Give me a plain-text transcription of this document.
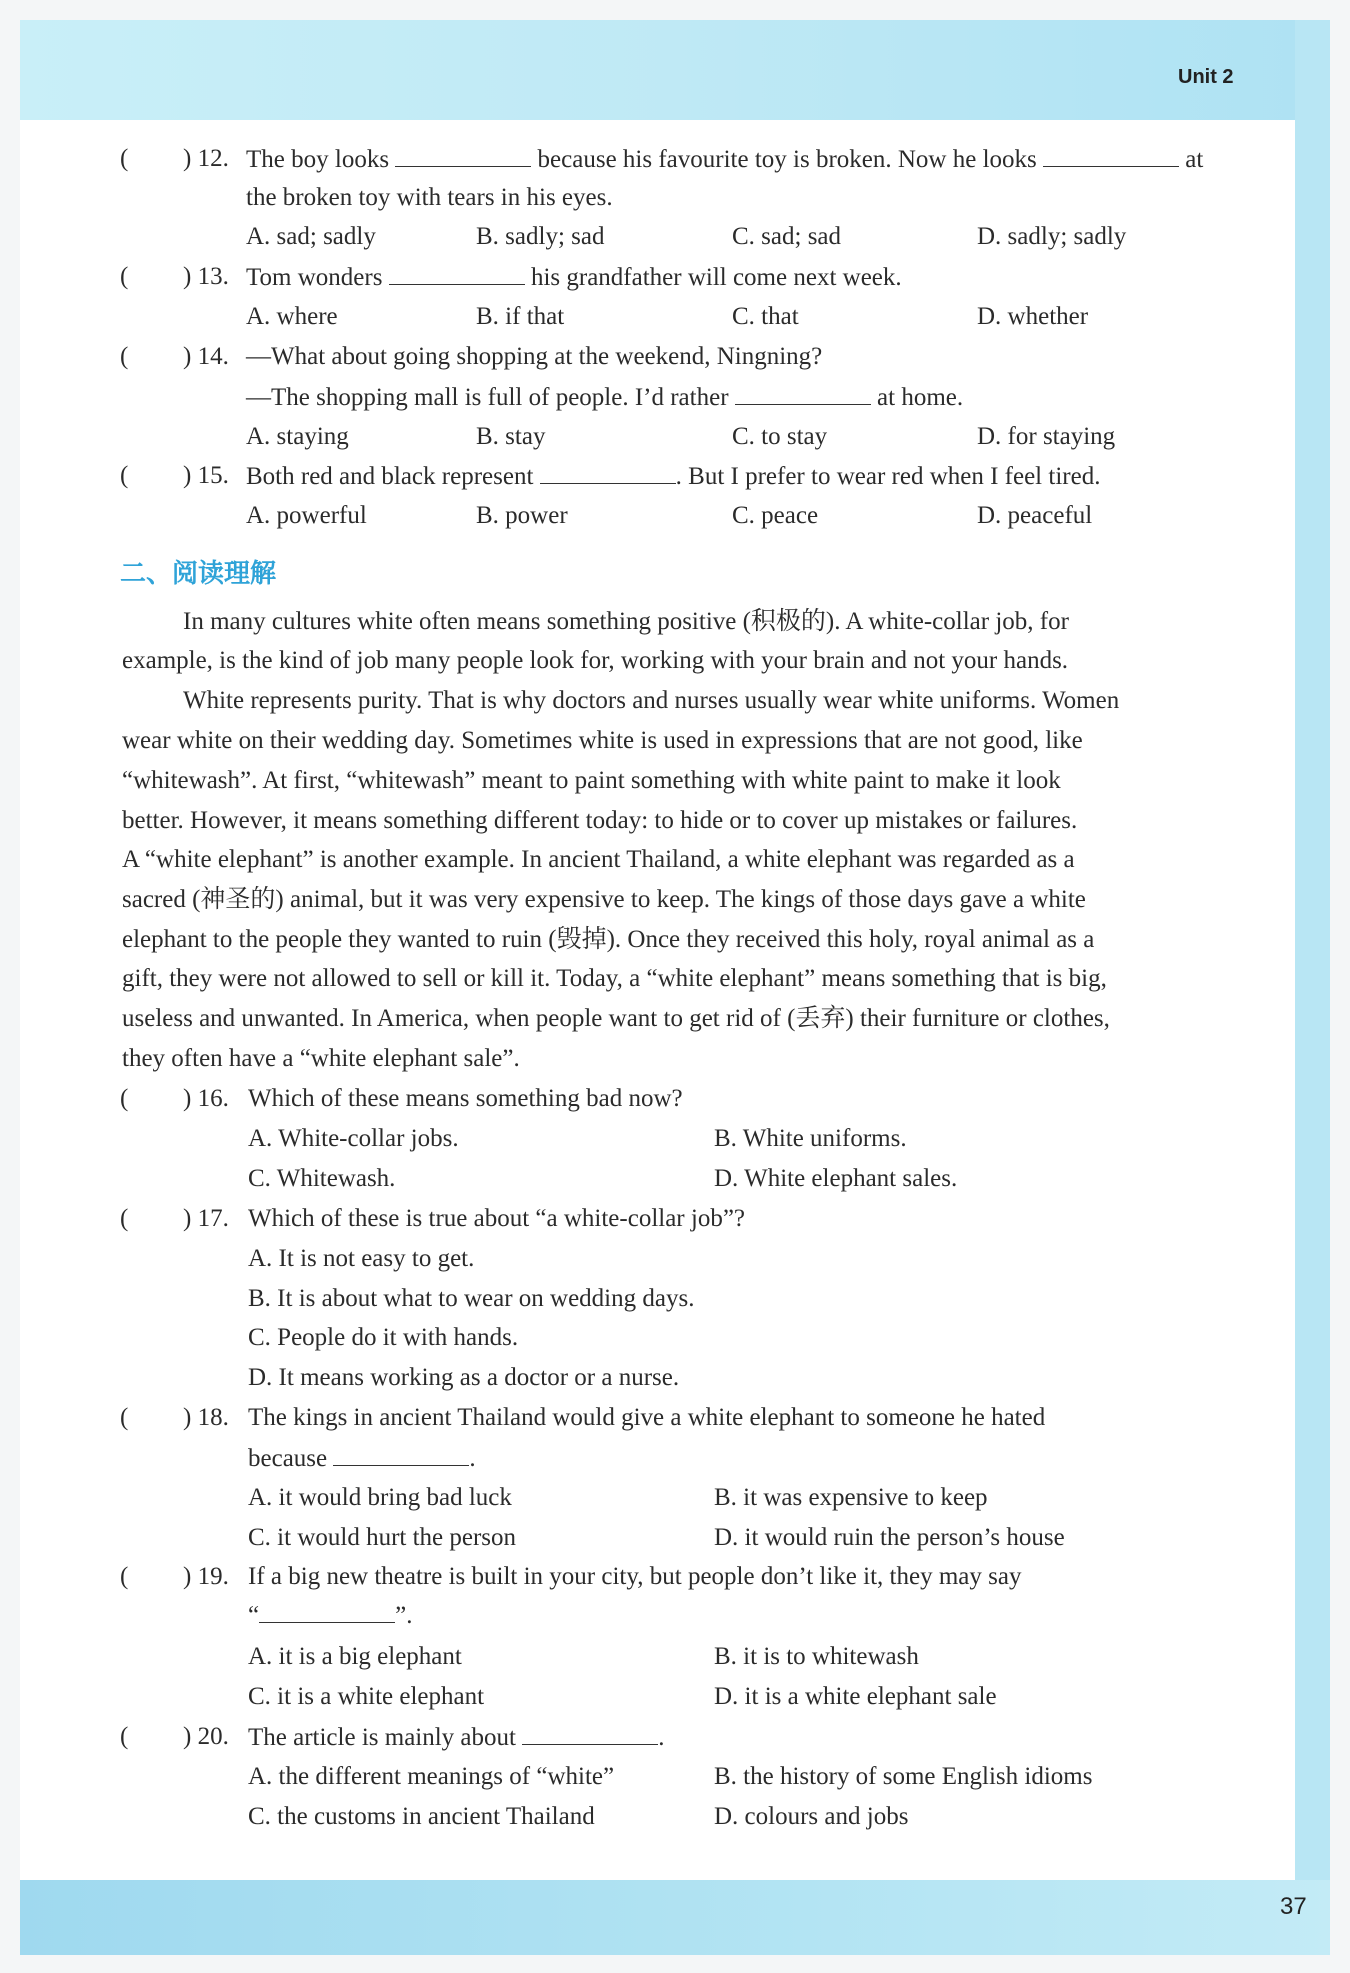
Unit 2
37
( ) 12. The boy looks	because his favourite toy is broken. Now he looks	at
the broken toy with tears in his eyes.
A. sad; sadly	B. sadly; sad	C. sad; sad	D. sadly; sadly
( ) 13. Tom wonders	his grandfather will come next week.
A. where	B. if that	C. that	D. whether
( ) 14. —What about going shopping at the weekend, Ningning?
—The shopping mall is full of people. I’d rather	at home.
A. staying	B. stay	C. to stay	D. for staying
( ) 15. Both red and black represent	. But I prefer to wear red when I feel tired.
A. powerful	B. power	C. peace	D. peaceful
二、阅读理解
In many cultures white often means something positive (积极的). A white-collar job, for
example, is the kind of job many people look for, working with your brain and not your hands.
White represents purity. That is why doctors and nurses usually wear white uniforms. Women
wear white on their wedding day. Sometimes white is used in expressions that are not good, like
“whitewash”. At first, “whitewash” meant to paint something with white paint to make it look
better. However, it means something different today: to hide or to cover up mistakes or failures.
A “white elephant” is another example. In ancient Thailand, a white elephant was regarded as a
sacred (神圣的) animal, but it was very expensive to keep. The kings of those days gave a white
elephant to the people they wanted to ruin (毁掉). Once they received this holy, royal animal as a
gift, they were not allowed to sell or kill it. Today, a “white elephant” means something that is big,
useless and unwanted. In America, when people want to get rid of (丢弃) their furniture or clothes,
they often have a “white elephant sale”.
( ) 16. Which of these means something bad now?
A. White-collar jobs.	B. White uniforms.
C. Whitewash.	D. White elephant sales.
( ) 17. Which of these is true about “a white-collar job”?
A. It is not easy to get.
B. It is about what to wear on wedding days.
C. People do it with hands.
D. It means working as a doctor or a nurse.
( ) 18. The kings in ancient Thailand would give a white elephant to someone he hated
because	.
A. it would bring bad luck	B. it was expensive to keep
C. it would hurt the person	D. it would ruin the person’s house
( ) 19. If a big new theatre is built in your city, but people don’t like it, they may say
“	”.
A. it is a big elephant	B. it is to whitewash
C. it is a white elephant	D. it is a white elephant sale
( ) 20. The article is mainly about	.
A. the different meanings of “white”	B. the history of some English idioms
C. the customs in ancient Thailand	D. colours and jobs
